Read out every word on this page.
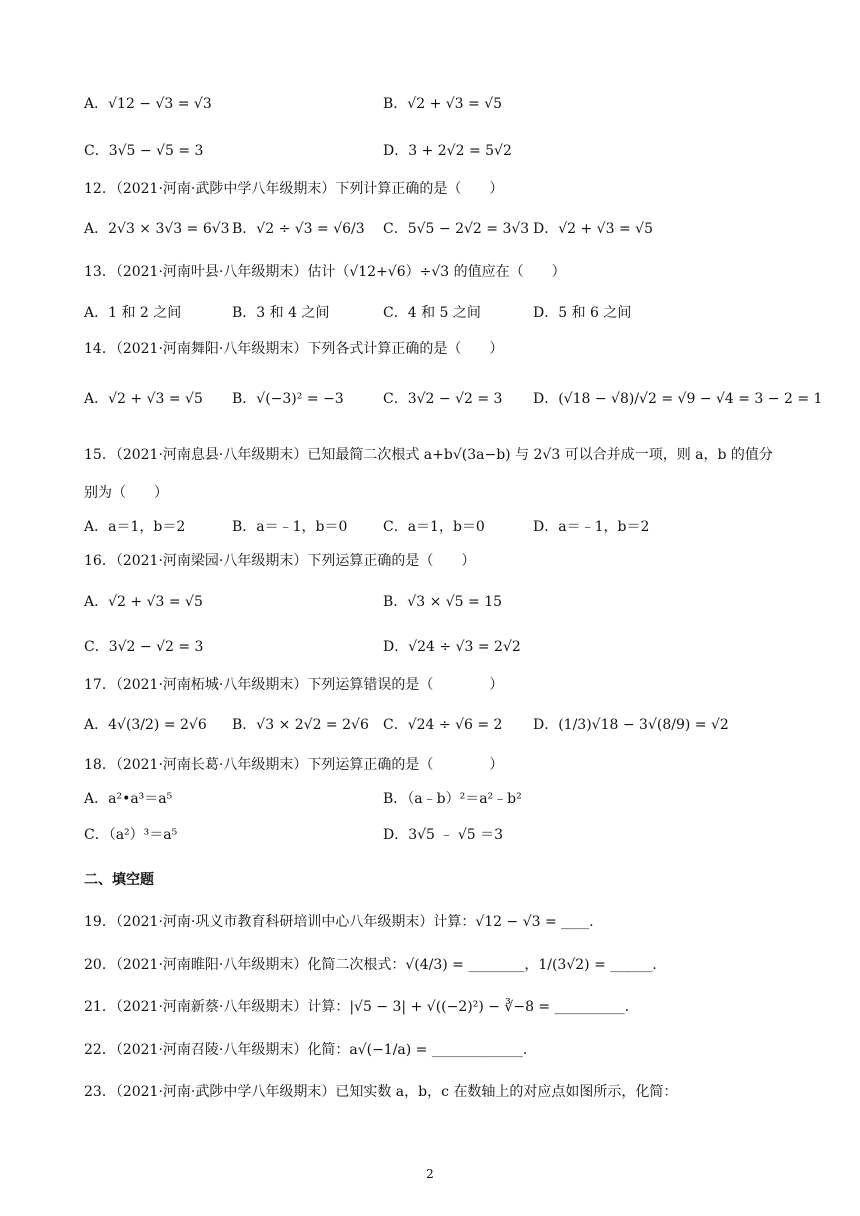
A．√12 − √3 = √3	B．√2 + √3 = √5
C．3√5 − √5 = 3	D．3 + 2√2 = 5√2
12．（2021·河南·武陟中学八年级期末）下列计算正确的是（　　）
A．2√3 × 3√3 = 6√3 B．√2 ÷ √3 = √6/3 C．5√5 − 2√2 = 3√3 D．√2 + √3 = √5
13．（2021·河南叶县·八年级期末）估计（√12+√6）÷√3 的值应在（　　）
A．1 和 2 之间	B．3 和 4 之间	C．4 和 5 之间	D．5 和 6 之间
14．（2021·河南舞阳·八年级期末）下列各式计算正确的是（　　）
A．√2 + √3 = √5 B．√(−3)² = −3	C．3√2 − √2 = 3 D．(√18 − √8)/√2 = √9 − √4 = 3 − 2 = 1
15．（2021·河南息县·八年级期末）已知最简二次根式 a+b√(3a−b) 与 2√3 可以合并成一项，则 a，b 的值分
别为（　　）
A．a＝1，b＝2	B．a＝﹣1，b＝0	C．a＝1，b＝0	D．a＝﹣1，b＝2
16．（2021·河南梁园·八年级期末）下列运算正确的是（　　）
A．√2 + √3 = √5	B．√3 × √5 = 15
C．3√2 − √2 = 3	D．√24 ÷ √3 = 2√2
17．（2021·河南柘城·八年级期末）下列运算错误的是（　　　　）
A．4√(3/2) = 2√6 B．√3 × 2√2 = 2√6 C．√24 ÷ √6 = 2 D．(1/3)√18 − 3√(8/9) = √2
18．（2021·河南长葛·八年级期末）下列运算正确的是（　　　　）
A．a²•a³＝a⁵	B．（a﹣b）²＝a²﹣b²
C．（a²）³＝a⁵	D．3√5 ﹣ √5 ＝3
二、填空题
19．（2021·河南·巩义市教育科研培训中心八年级期末）计算：√12 − √3 = ____.
20．（2021·河南睢阳·八年级期末）化简二次根式：√(4/3) = ________，1/(3√2) = ______.
21．（2021·河南新蔡·八年级期末）计算：|√5 − 3| + √((−2)²) − ∛−8 = __________.
22．（2021·河南召陵·八年级期末）化简：a√(−1/a) = _____________.
23．（2021·河南·武陟中学八年级期末）已知实数 a，b，c 在数轴上的对应点如图所示，化简：
2
